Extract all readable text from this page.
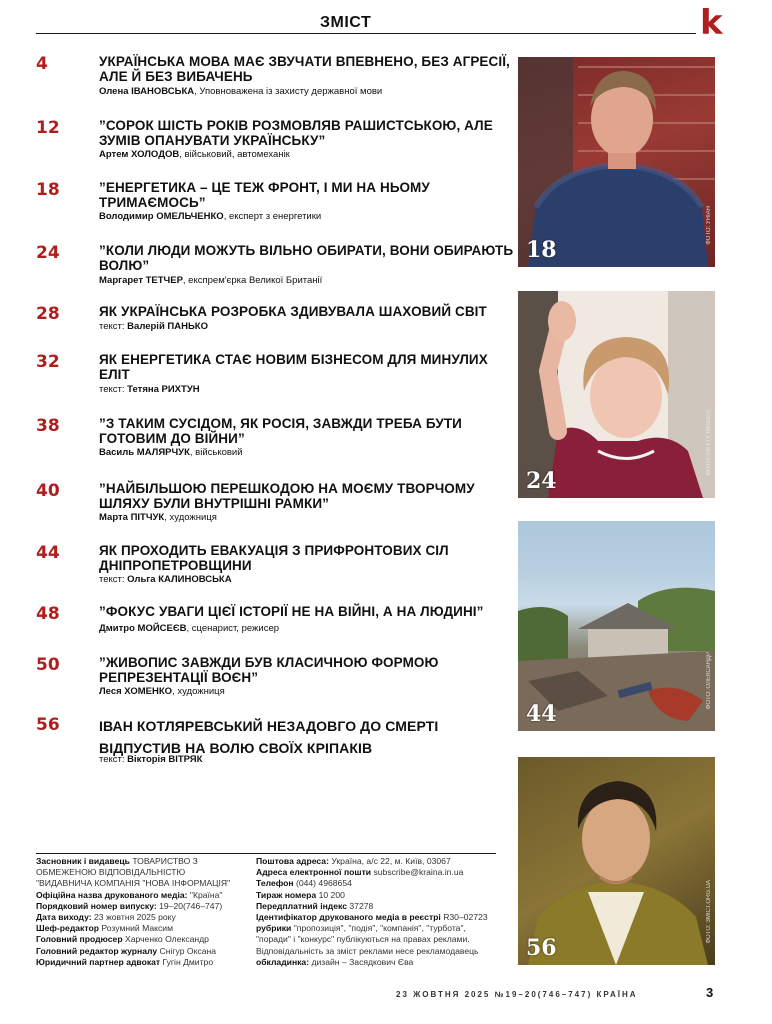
ЗМІСТ	k
4	УКРАЇНСЬКА МОВА МАЄ ЗВУЧАТИ ВПЕВНЕНО, БЕЗ АГРЕСІЇ, АЛЕ Й БЕЗ ВИБАЧЕНЬ
Олена ІВАНОВСЬКА, Уповноважена із захисту державної мови
12	”СОРОК ШІСТЬ РОКІВ РОЗМОВЛЯВ РАШИСТСЬКОЮ, АЛЕ ЗУМІВ ОПАНУВАТИ УКРАЇНСЬКУ”
Артем ХОЛОДОВ, військовий, автомеханік
18	”ЕНЕРГЕТИКА – ЦЕ ТЕЖ ФРОНТ, І МИ НА НЬОМУ ТРИМАЄМОСЬ”
Володимир ОМЕЛЬЧЕНКО, експерт з енергетики
24	”КОЛИ ЛЮДИ МОЖУТЬ ВІЛЬНО ОБИРАТИ, ВОНИ ОБИРАЮТЬ ВОЛЮ”
Маргарет ТЕТЧЕР, експрем'єрка Великої Британії
28	ЯК УКРАЇНСЬКА РОЗРОБКА ЗДИВУВАЛА ШАХОВИЙ СВІТ
текст: Валерій ПАНЬКО
32	ЯК ЕНЕРГЕТИКА СТАЄ НОВИМ БІЗНЕСОМ ДЛЯ МИНУЛИХ ЕЛІТ
текст: Тетяна РИХТУН
38	”З ТАКИМ СУСІДОМ, ЯК РОСІЯ, ЗАВЖДИ ТРЕБА БУТИ ГОТОВИМ ДО ВІЙНИ”
Василь МАЛЯРЧУК, військовий
40	”НАЙБІЛЬШОЮ ПЕРЕШКОДОЮ НА МОЄМУ ТВОРЧОМУ ШЛЯХУ БУЛИ ВНУТРІШНІ РАМКИ”
Марта ПІТЧУК, художниця
44	ЯК ПРОХОДИТЬ ЕВАКУАЦІЯ З ПРИФРОНТОВИХ СІЛ ДНІПРОПЕТРОВЩИНИ
текст: Ольга КАЛИНОВСЬКА
48	”ФОКУС УВАГИ ЦІЄЇ ІСТОРІЇ НЕ НА ВІЙНІ, А НА ЛЮДИНІ”
Дмитро МОЙСЕЄВ, сценарист, режисер
50	”ЖИВОПИС ЗАВЖДИ БУВ КЛАСИЧНОЮ ФОРМОЮ РЕПРЕЗЕНТАЦІЇ ВОЄН”
Леся ХОМЕНКО, художниця
56	ІВАН КОТЛЯРЕВСЬКИЙ НЕЗАДОВГО ДО СМЕРТІ ВІДПУСТИВ НА ВОЛЮ СВОЇХ КРІПАКІВ
текст: Вікторія ВІТРЯК
18
ФОТО: УНІАН
24
ФОТО: GETTY IMAGES
44
ФОТО: ОЛЕКСАНДР
56
ФОТО: ЗМІСТ.ORG.UA
Засновник і видавець ТОВАРИСТВО З ОБМЕЖЕНОЮ ВІДПОВІДАЛЬНІСТЮ "ВИДАВНИЧА КОМПАНІЯ "НОВА ІНФОРМАЦІЯ"
Офіційна назва друкованого медіа: "Країна"
Порядковий номер випуску: 19–20(746–747)
Дата виходу: 23 жовтня 2025 року
Шеф-редактор Розумний Максим
Головний продюсер Харченко Олександр
Головний редактор журналу Снігур Оксана
Юридичний партнер адвокат Гугін Дмитро
Поштова адреса: Україна, а/с 22, м. Київ, 03067
Адреса електронної пошти subscribe@kraina.in.ua
Телефон (044) 4968654
Тираж номера 10 200
Передплатний індекс 37278
Ідентифікатор друкованого медіа в реєстрі R30–02723
рубрики "пропозиція", "подія", "компанія", "турбота", "поради" і "конкурс" публікуються на правах реклами. Відповідальність за зміст реклами несе рекламодавець
обкладинка: дизайн – Засядкович Єва
23 ЖОВТНЯ 2025 №19–20(746–747) КРАЇНА	3
